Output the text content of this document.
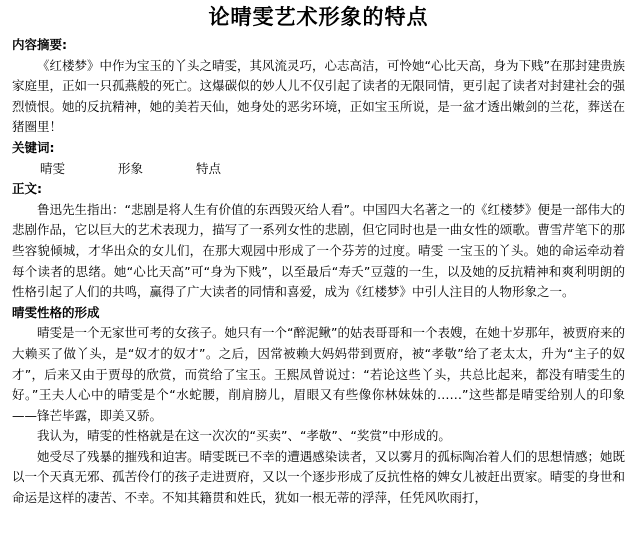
论晴雯艺术形象的特点
内容摘要:

《红楼梦》中作为宝玉的丫头之晴雯，其风流灵巧，心志高洁，可怜她“心比天高，身为下贱”在那封建贵族家庭里，正如一只孤燕般的死亡。这爆碳似的妙人儿不仅引起了读者的无限同情，更引起了读者对封建社会的强烈愤恨。她的反抗精神，她的美若天仙，她身处的恶劣环境，正如宝玉所说，是一盆才透出嫩剑的兰花，葬送在猪圈里！

关键词:
晴雯	形象	特点
正文:

鲁迅先生指出：“悲剧是将人生有价值的东西毁灭给人看”。中国四大名著之一的《红楼梦》便是一部伟大的悲剧作品，它以巨大的艺术表现力，描写了一系列女性的悲剧，但它同时也是一曲女性的颂歌。曹雪芹笔下的那些容貌倾城，才华出众的女儿们，在那大观园中形成了一个芬芳的过度。晴雯 一宝玉的丫头。她的命运牵动着每个读者的思绪。她“心比天高”可“身为下贱”，以至最后“寿夭”豆蔻的一生，以及她的反抗精神和爽利明朗的性格引起了人们的共鸣，赢得了广大读者的同情和喜爱，成为《红楼梦》中引人注目的人物形象之一。

晴雯性格的形成

晴雯是一个无家世可考的女孩子。她只有一个“醉泥鳅”的姑表哥哥和一个表嫂，在她十岁那年，被贾府来的大赖买了做丫头，是“奴才的奴才”。之后，因常被赖大妈妈带到贾府，被“孝敬”给了老太太，升为“主子的奴才”，后来又由于贾母的欣赏，而赏给了宝玉。王熙凤曾说过：“若论这些丫头，共总比起来，都没有晴雯生的好。”王夫人心中的晴雯是个“水蛇腰，削肩膀儿，眉眼又有些像你林妹妹的……”这些都是晴雯给别人的印象——锋芒毕露，即美又骄。

我认为，晴雯的性格就是在这一次次的“买卖”、“孝敬”、“奖赏”中形成的。

她受尽了残暴的摧残和迫害。晴雯既已不幸的遭遇感染读者，又以雾月的孤标陶冶着人们的思想情感；她既以一个天真无邪、孤苦伶仃的孩子走进贾府，又以一个逐步形成了反抗性格的婢女儿被赶出贾家。晴雯的身世和命运是这样的凄苦、不幸。不知其籍贯和姓氏，犹如一根无蒂的浮萍，任凭风吹雨打，
